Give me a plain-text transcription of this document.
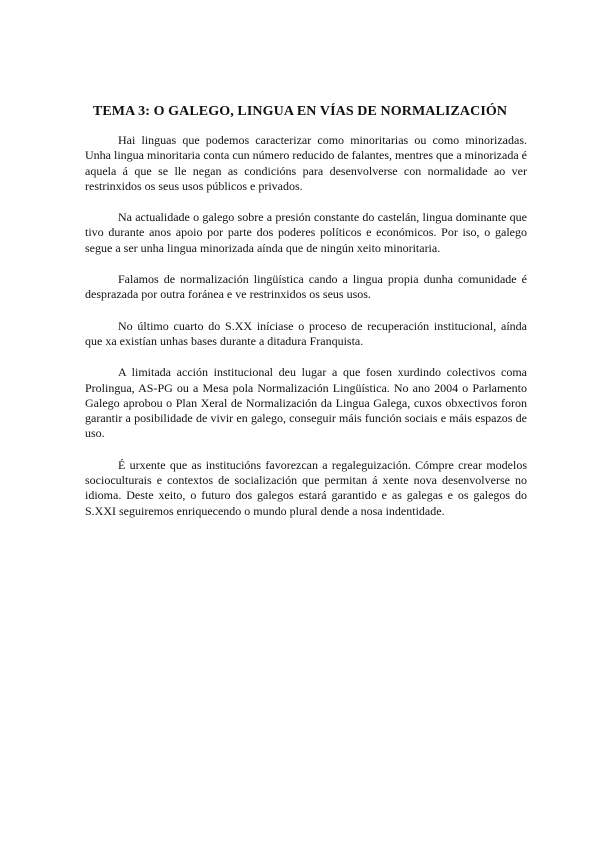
TEMA 3: O GALEGO, LINGUA EN VÍAS DE NORMALIZACIÓN

Hai linguas que podemos caracterizar como minoritarias ou como minorizadas. Unha lingua minoritaria conta cun número reducido de falantes, mentres que a minorizada é aquela á que se lle negan as condicións para desenvolverse con normalidade ao ver restrinxidos os seus usos públicos e privados.

Na actualidade o galego sobre a presión constante do castelán, lingua dominante que tivo durante anos apoio por parte dos poderes políticos e económicos. Por iso, o galego segue a ser unha lingua minorizada aínda que de ningún xeito minoritaria.

Falamos de normalización lingüística cando a lingua propia dunha comunidade é desprazada por outra foránea e ve restrinxidos os seus usos.

No último cuarto do S.XX iníciase o proceso de recuperación institucional, aínda que xa existían unhas bases durante a ditadura Franquista.

A limitada acción institucional deu lugar a que fosen xurdindo colectivos coma Prolingua, AS-PG ou a Mesa pola Normalización Lingüística. No ano 2004 o Parlamento Galego aprobou o Plan Xeral de Normalización da Lingua Galega, cuxos obxectivos foron garantir a posibilidade de vivir en galego, conseguir máis función sociais e máis espazos de uso.

É urxente que as institucións favorezcan a regaleguización. Cómpre crear modelos socioculturais e contextos de socialización que permitan á xente nova desenvolverse no idioma. Deste xeito, o futuro dos galegos estará garantido e as galegas e os galegos do S.XXI seguiremos enriquecendo o mundo plural dende a nosa indentidade.
